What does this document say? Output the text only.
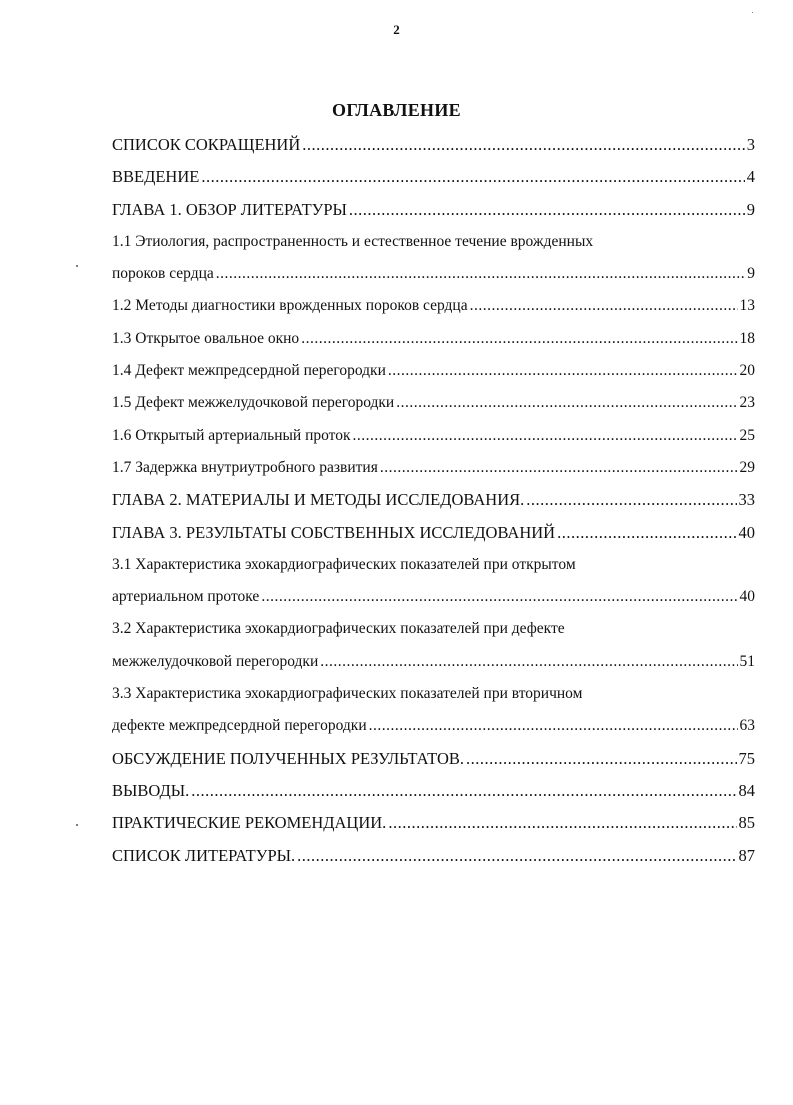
2
ОГЛАВЛЕНИЕ
СПИСОК СОКРАЩЕНИЙ .....	3
ВВЕДЕНИЕ .....	4
ГЛАВА 1. ОБЗОР ЛИТЕРАТУРЫ .....	9
1.1 Этиология, распространенность и естественное течение врожденных
пороков сердца .....	9
1.2 Методы диагностики врожденных пороков сердца .....	13
1.3 Открытое овальное окно .....	18
1.4 Дефект межпредсердной перегородки .....	20
1.5 Дефект межжелудочковой перегородки .....	23
1.6 Открытый артериальный проток .....	25
1.7 Задержка внутриутробного развития .....	29
ГЛАВА 2. МАТЕРИАЛЫ И МЕТОДЫ ИССЛЕДОВАНИЯ. .....	33
ГЛАВА 3. РЕЗУЛЬТАТЫ СОБСТВЕННЫХ ИССЛЕДОВАНИЙ .....	40
3.1 Характеристика эхокардиографических показателей при открытом
артериальном протоке .....	40
3.2 Характеристика эхокардиографических показателей при дефекте
межжелудочковой перегородки .....	51
3.3 Характеристика эхокардиографических показателей при вторичном
дефекте межпредсердной перегородки .....	63
ОБСУЖДЕНИЕ ПОЛУЧЕННЫХ РЕЗУЛЬТАТОВ. .....	75
ВЫВОДЫ. .....	84
ПРАКТИЧЕСКИЕ РЕКОМЕНДАЦИИ. .....	85
СПИСОК ЛИТЕРАТУРЫ. .....	87
